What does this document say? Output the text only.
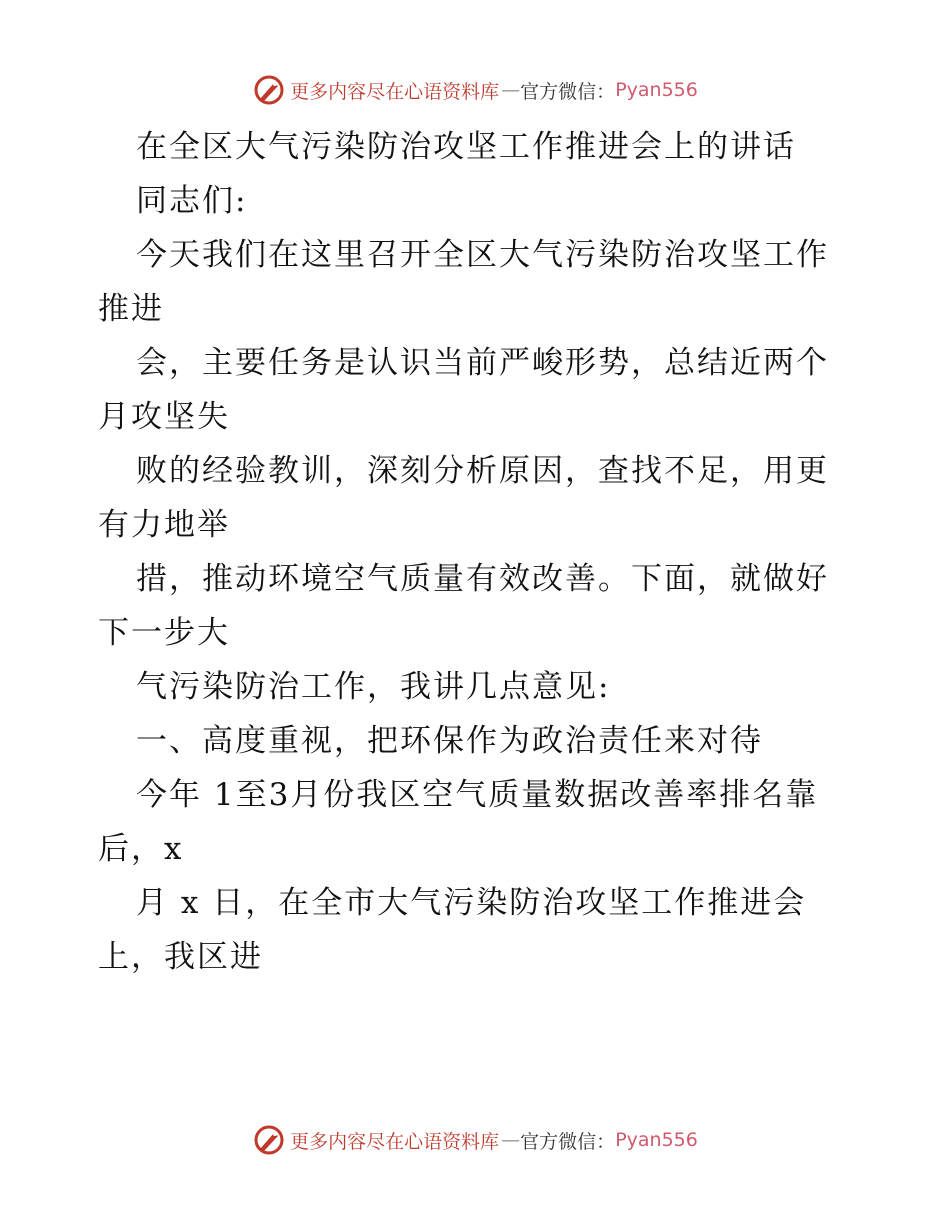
更多内容尽在心语资料库 — 官方微信： Pyan556
在全区大气污染防治攻坚工作推进会上的讲话
同志们:
今天我们在这里召开全区大气污染防治攻坚工作
推进
会，主要任务是认识当前严峻形势，总结近两个
月攻坚失
败的经验教训，深刻分析原因，查找不足，用更
有力地举
措，推动环境空气质量有效改善。下面，就做好
下一步大
气污染防治工作，我讲几点意见:
一、高度重视，把环保作为政治责任来对待
今年 1至3月份我区空气质量数据改善率排名靠
后，x
月 x 日，在全市大气污染防治攻坚工作推进会
上，我区进
更多内容尽在心语资料库 — 官方微信： Pyan556
